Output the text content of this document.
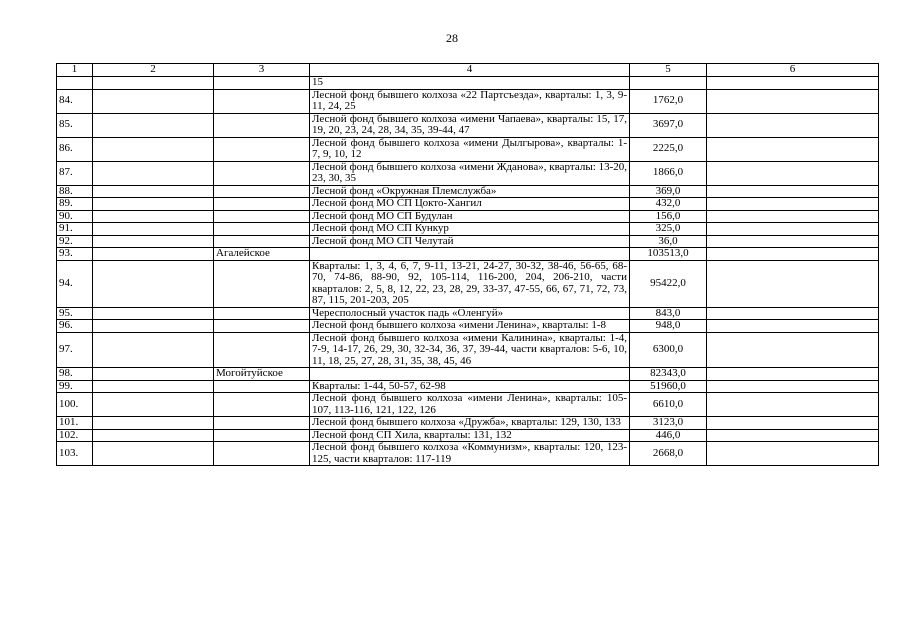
28
1	2	3	4	5	6
			15		
84.			Лесной фонд бывшего колхоза «22 Партсъезда», кварталы: 1, 3, 9-11, 24, 25	1762,0	
85.			Лесной фонд бывшего колхоза «имени Чапаева», кварталы: 15, 17, 19, 20, 23, 24, 28, 34, 35, 39-44, 47	3697,0	
86.			Лесной фонд бывшего колхоза «имени Дылгырова», кварталы: 1-7, 9, 10, 12	2225,0	
87.			Лесной фонд бывшего колхоза «имени Жданова», кварталы: 13-20, 23, 30, 35	1866,0	
88.			Лесной фонд «Окружная Племслужба»	369,0	
89.			Лесной фонд МО СП Цокто-Хангил	432,0	
90.			Лесной фонд МО СП Будулан	156,0	
91.			Лесной фонд МО СП Кункур	325,0	
92.			Лесной фонд МО СП Челутай	36,0	
93.		Агалейское		103513,0	
94.			Кварталы: 1, 3, 4, 6, 7, 9-11, 13-21, 24-27, 30-32, 38-46, 56-65, 68-70, 74-86, 88-90, 92, 105-114, 116-200, 204, 206-210, части кварталов: 2, 5, 8, 12, 22, 23, 28, 29, 33-37, 47-55, 66, 67, 71, 72, 73, 87, 115, 201-203, 205	95422,0	
95.			Чересполосный участок падь «Оленгуй»	843,0	
96.			Лесной фонд бывшего колхоза «имени Ленина», кварталы: 1-8	948,0	
97.			Лесной фонд бывшего колхоза «имени Калинина», кварталы: 1-4, 7-9, 14-17, 26, 29, 30, 32-34, 36, 37, 39-44, части кварталов: 5-6, 10, 11, 18, 25, 27, 28, 31, 35, 38, 45, 46	6300,0	
98.		Могойтуйское		82343,0	
99.			Кварталы: 1-44, 50-57, 62-98	51960,0	
100.			Лесной фонд бывшего колхоза «имени Ленина», кварталы: 105-107, 113-116, 121, 122, 126	6610,0	
101.			Лесной фонд бывшего колхоза «Дружба», кварталы: 129, 130, 133	3123,0	
102.			Лесной фонд СП Хила, кварталы: 131, 132	446,0	
103.			Лесной фонд бывшего колхоза «Коммунизм», кварталы: 120, 123-125, части кварталов: 117-119	2668,0	
